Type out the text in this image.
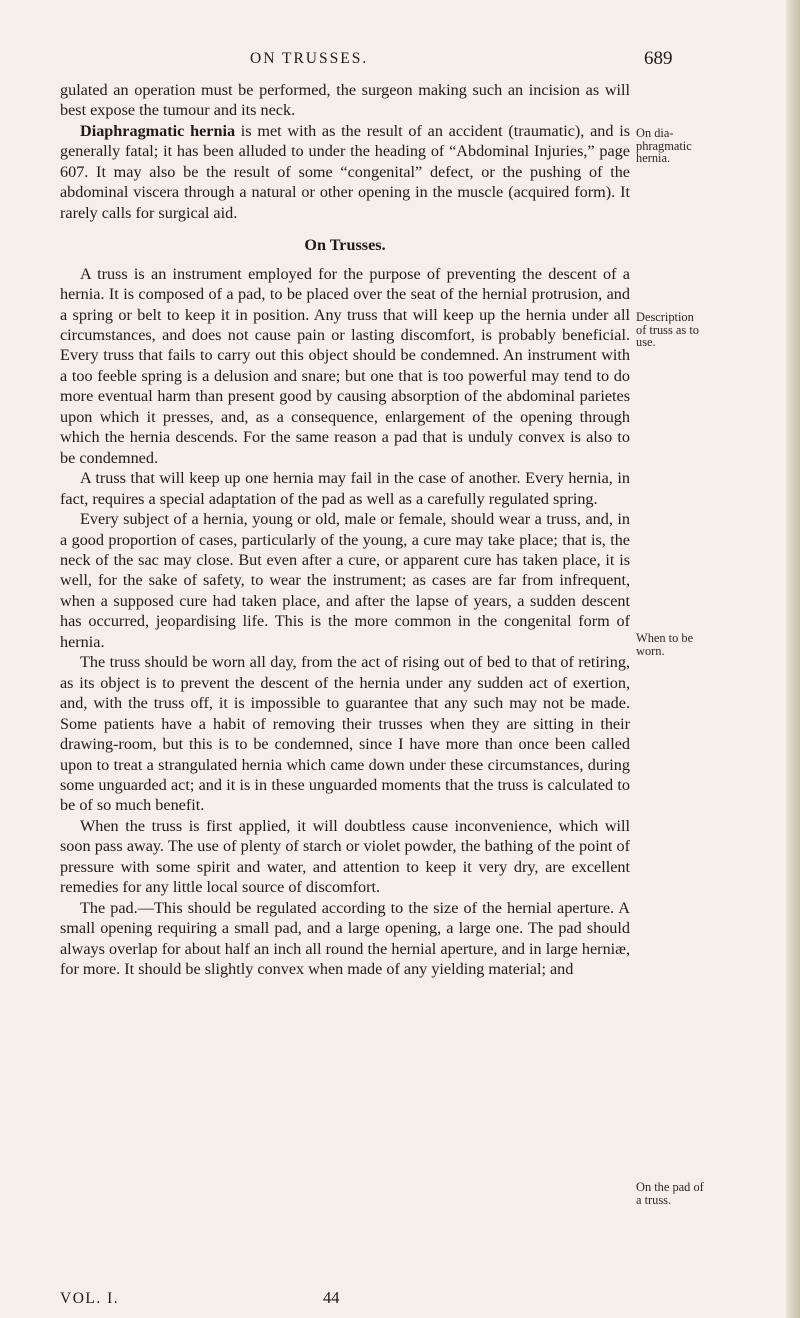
ON TRUSSES.	689

gulated an operation must be performed, the surgeon making such an incision as will best expose the tumour and its neck.

Diaphragmatic hernia is met with as the result of an accident (traumatic), and is generally fatal; it has been alluded to under the heading of “Abdominal Injuries,” page 607. It may also be the result of some “congenital” defect, or the pushing of the abdominal viscera through a natural or other opening in the muscle (acquired form). It rarely calls for surgical aid.

On Trusses.

A truss is an instrument employed for the purpose of preventing the descent of a hernia. It is composed of a pad, to be placed over the seat of the hernial protrusion, and a spring or belt to keep it in position. Any truss that will keep up the hernia under all circumstances, and does not cause pain or lasting discomfort, is probably beneficial. Every truss that fails to carry out this object should be condemned. An instrument with a too feeble spring is a delusion and snare; but one that is too powerful may tend to do more eventual harm than present good by causing absorption of the abdominal parietes upon which it presses, and, as a consequence, enlargement of the opening through which the hernia descends. For the same reason a pad that is unduly convex is also to be condemned.

A truss that will keep up one hernia may fail in the case of another. Every hernia, in fact, requires a special adaptation of the pad as well as a carefully regulated spring.

Every subject of a hernia, young or old, male or female, should wear a truss, and, in a good proportion of cases, particularly of the young, a cure may take place; that is, the neck of the sac may close. But even after a cure, or apparent cure has taken place, it is well, for the sake of safety, to wear the instrument; as cases are far from infrequent, when a supposed cure had taken place, and after the lapse of years, a sudden descent has occurred, jeopardising life. This is the more common in the congenital form of hernia.

The truss should be worn all day, from the act of rising out of bed to that of retiring, as its object is to prevent the descent of the hernia under any sudden act of exertion, and, with the truss off, it is impossible to guarantee that any such may not be made. Some patients have a habit of removing their trusses when they are sitting in their drawing-room, but this is to be condemned, since I have more than once been called upon to treat a strangulated hernia which came down under these circumstances, during some unguarded act; and it is in these unguarded moments that the truss is calculated to be of so much benefit.

When the truss is first applied, it will doubtless cause inconvenience, which will soon pass away. The use of plenty of starch or violet powder, the bathing of the point of pressure with some spirit and water, and attention to keep it very dry, are excellent remedies for any little local source of discomfort.

The pad.—This should be regulated according to the size of the hernial aperture. A small opening requiring a small pad, and a large opening, a large one. The pad should always overlap for about half an inch all round the hernial aperture, and in large herniæ, for more. It should be slightly convex when made of any yielding material; and

On dia-
phragmatic
hernia.
Description
of truss as to
use.
When to be
worn.
On the pad of
a truss.
VOL. I.	44
